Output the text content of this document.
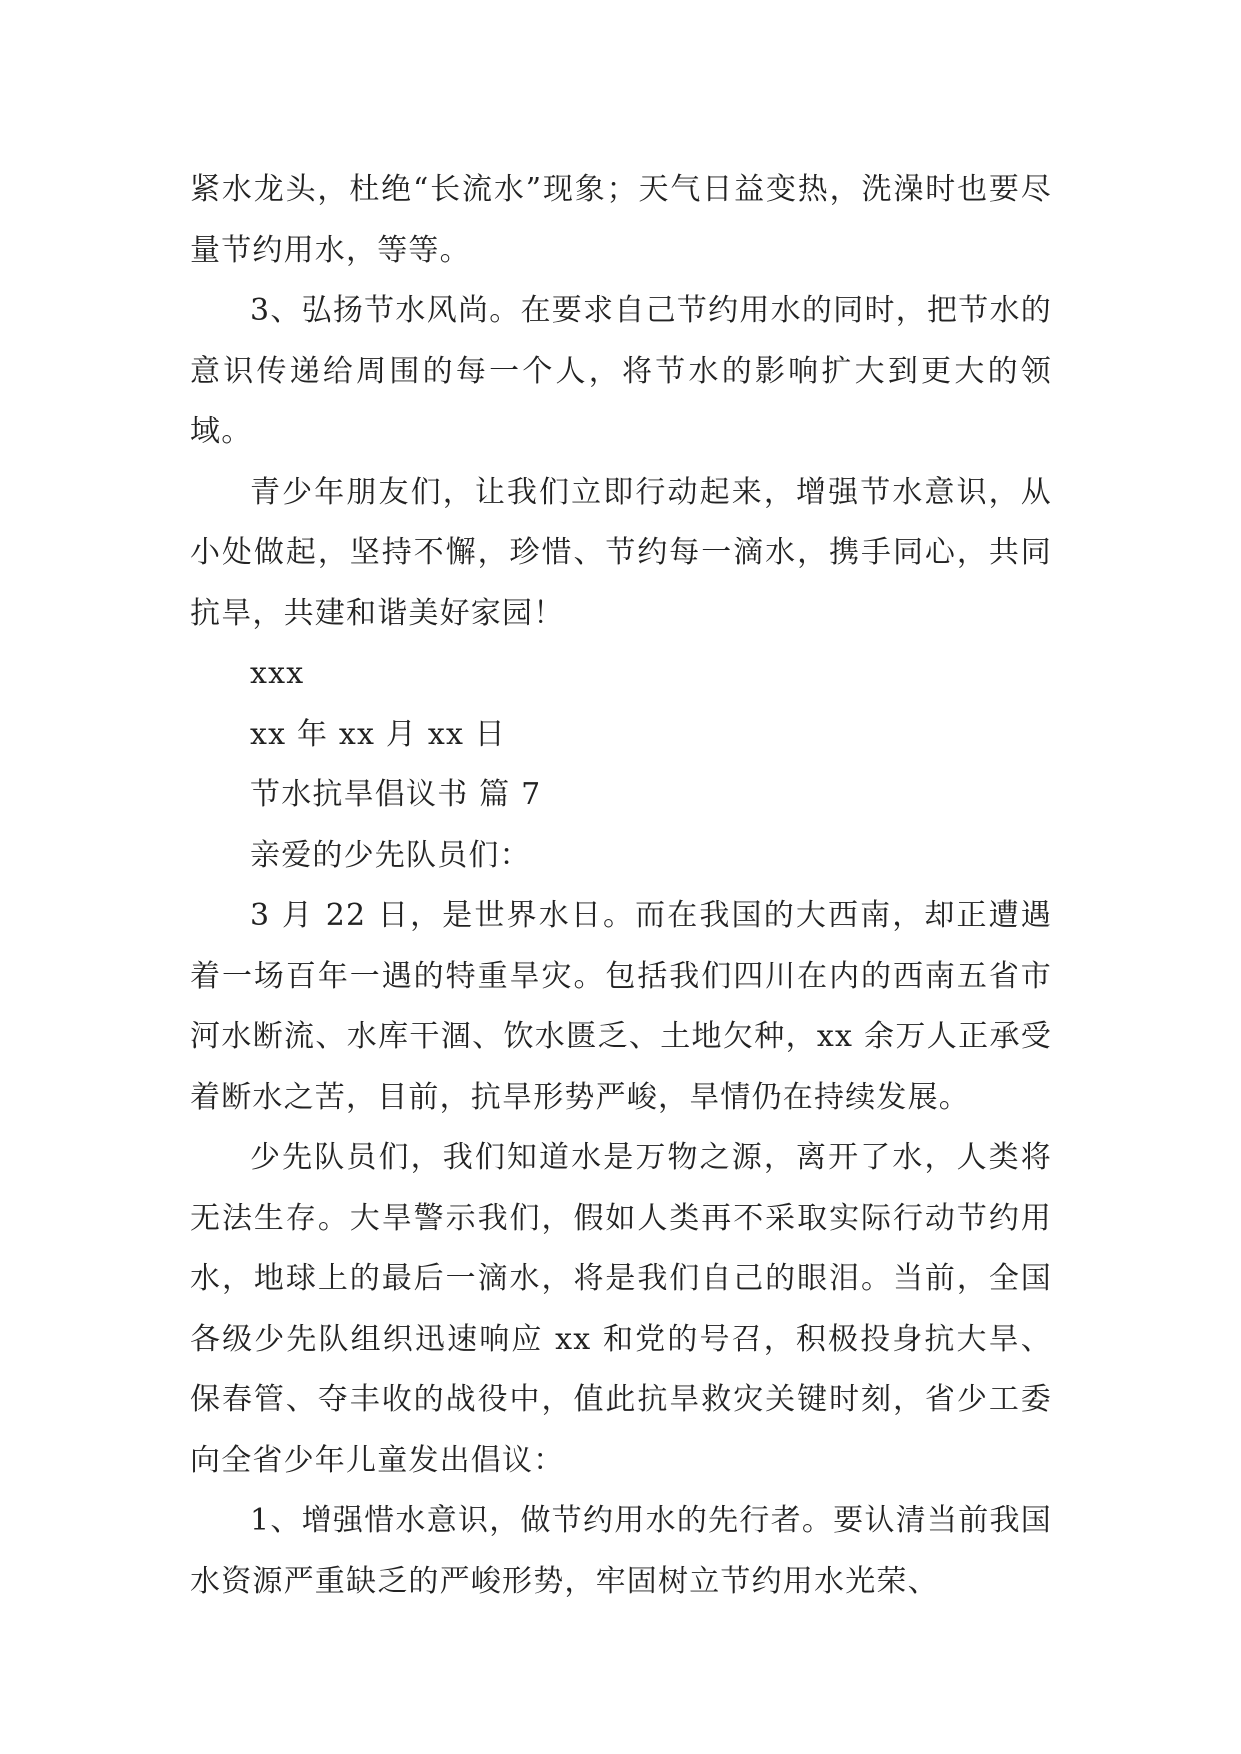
紧水龙头，杜绝“长流水”现象；天气日益变热，洗澡时也要尽量节约用水，等等。

3、弘扬节水风尚。在要求自己节约用水的同时，把节水的意识传递给周围的每一个人，将节水的影响扩大到更大的领域。

青少年朋友们，让我们立即行动起来，增强节水意识，从小处做起，坚持不懈，珍惜、节约每一滴水，携手同心，共同抗旱，共建和谐美好家园！

xxx

xx 年 xx 月 xx 日

节水抗旱倡议书 篇 7

亲爱的少先队员们：

3 月 22 日，是世界水日。而在我国的大西南，却正遭遇着一场百年一遇的特重旱灾。包括我们四川在内的西南五省市河水断流、水库干涸、饮水匮乏、土地欠种，xx 余万人正承受着断水之苦，目前，抗旱形势严峻，旱情仍在持续发展。

少先队员们，我们知道水是万物之源，离开了水，人类将无法生存。大旱警示我们，假如人类再不采取实际行动节约用水，地球上的最后一滴水，将是我们自己的眼泪。当前，全国各级少先队组织迅速响应 xx 和党的号召，积极投身抗大旱、保春管、夺丰收的战役中，值此抗旱救灾关键时刻，省少工委向全省少年儿童发出倡议：

1、增强惜水意识，做节约用水的先行者。要认清当前我国水资源严重缺乏的严峻形势，牢固树立节约用水光荣、
